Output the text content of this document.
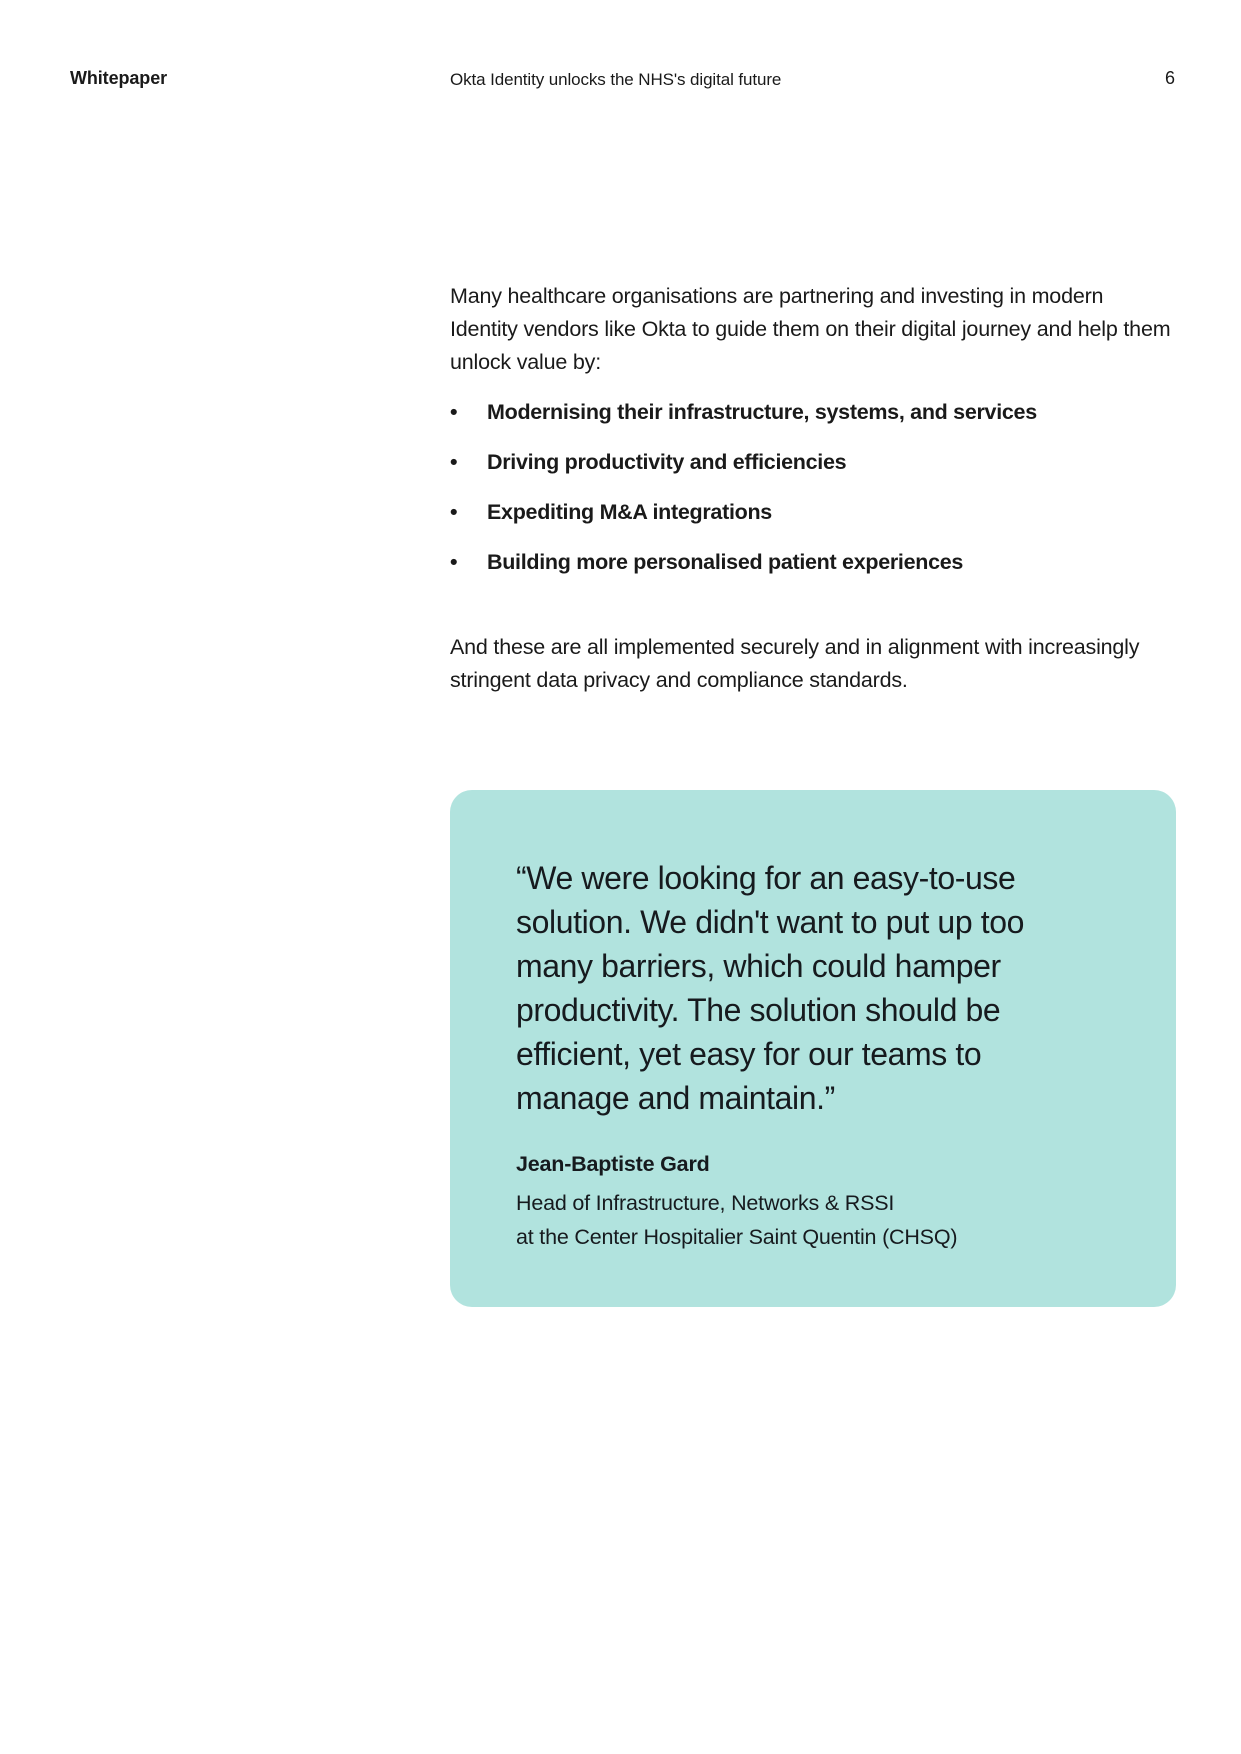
Whitepaper	Okta Identity unlocks the NHS's digital future	6

Many healthcare organisations are partnering and investing in modern Identity vendors like Okta to guide them on their digital journey and help them unlock value by:

• Modernising their infrastructure, systems, and services
• Driving productivity and efficiencies
• Expediting M&A integrations
• Building more personalised patient experiences

And these are all implemented securely and in alignment with increasingly stringent data privacy and compliance standards.

“We were looking for an easy-to-use solution. We didn't want to put up too many barriers, which could hamper productivity. The solution should be efficient, yet easy for our teams to manage and maintain.”

Jean-Baptiste Gard
Head of Infrastructure, Networks & RSSI
at the Center Hospitalier Saint Quentin (CHSQ)
